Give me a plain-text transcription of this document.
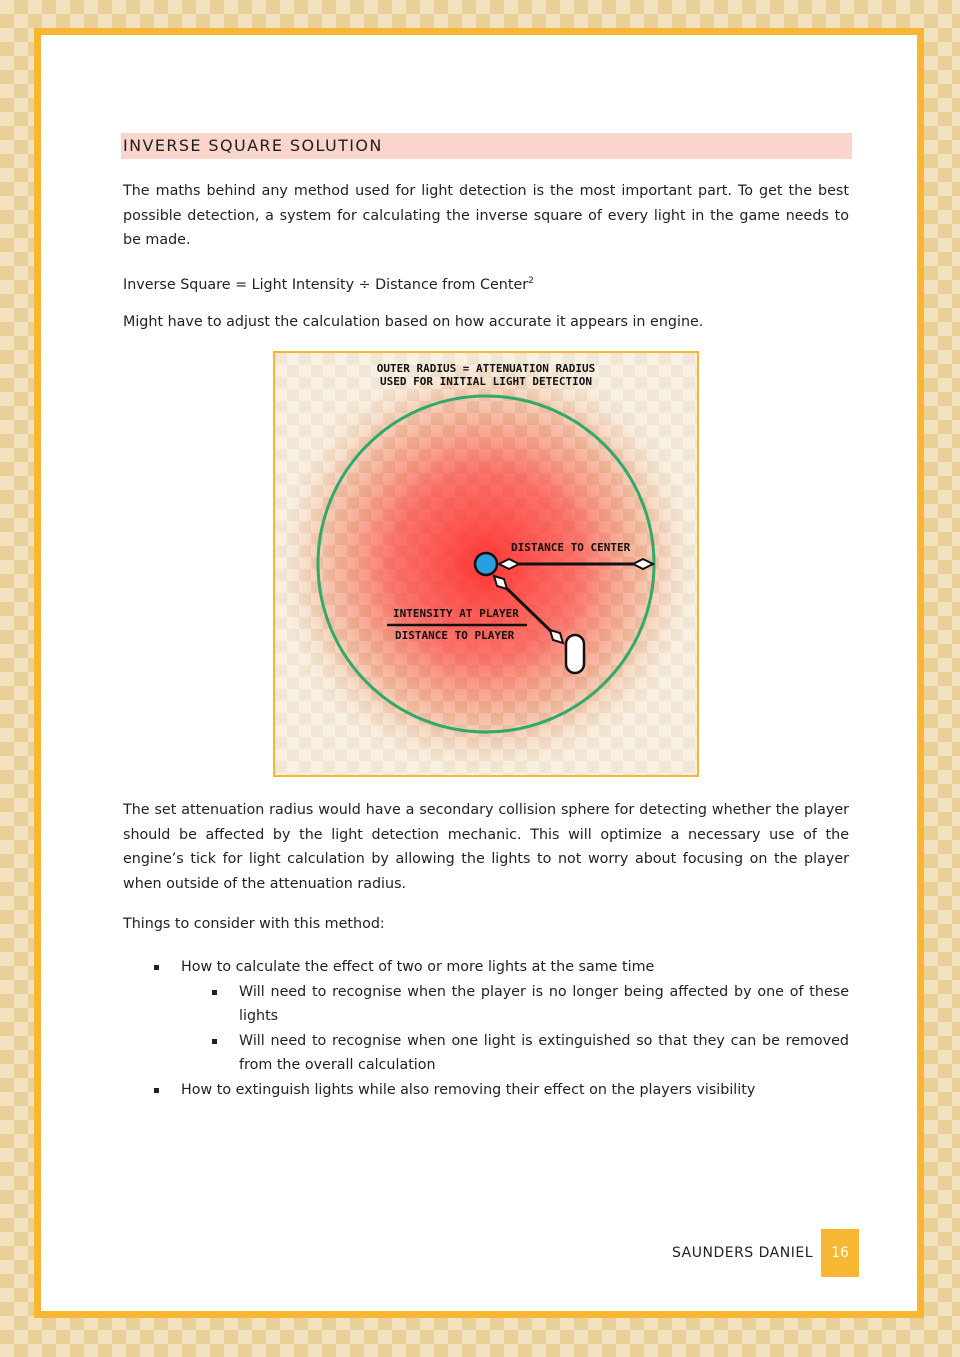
INVERSE SQUARE SOLUTION

The maths behind any method used for light detection is the most important part. To get the best possible detection, a system for calculating the inverse square of every light in the game needs to be made.

Inverse Square = Light Intensity ÷ Distance from Center$^2$

Might have to adjust the calculation based on how accurate it appears in engine.

OUTER RADIUS = ATTENUATION RADIUS
USED FOR INITIAL LIGHT DETECTION
DISTANCE TO CENTER
INTENSITY AT PLAYER
DISTANCE TO PLAYER

The set attenuation radius would have a secondary collision sphere for detecting whether the player should be affected by the light detection mechanic. This will optimize a necessary use of the engine’s tick for light calculation by allowing the lights to not worry about focusing on the player when outside of the attenuation radius.

Things to consider with this method:

How to calculate the effect of two or more lights at the same time
Will need to recognise when the player is no longer being affected by one of these lights
Will need to recognise when one light is extinguished so that they can be removed from the overall calculation
How to extinguish lights while also removing their effect on the players visibility
SAUNDERS DANIEL	16
